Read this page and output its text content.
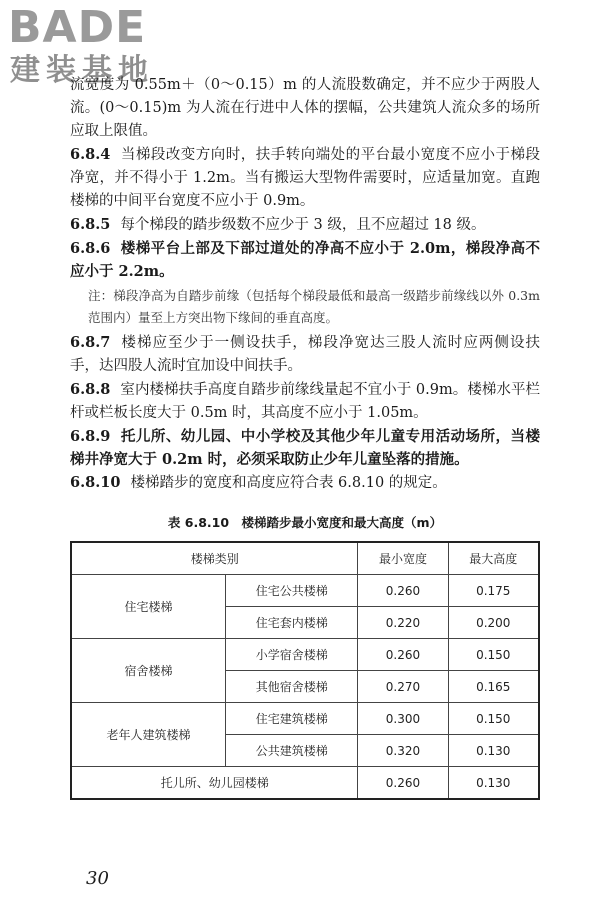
BADE
建装基地

流宽度为 0.55m＋（0～0.15）m 的人流股数确定，并不应少于两股人流。(0～0.15)m 为人流在行进中人体的摆幅，公共建筑人流众多的场所应取上限值。

6.8.4 当梯段改变方向时，扶手转向端处的平台最小宽度不应小于梯段净宽，并不得小于 1.2m。当有搬运大型物件需要时，应适量加宽。直跑楼梯的中间平台宽度不应小于 0.9m。

6.8.5 每个梯段的踏步级数不应少于 3 级，且不应超过 18 级。

6.8.6 楼梯平台上部及下部过道处的净高不应小于 2.0m，梯段净高不应小于 2.2m。

注：梯段净高为自踏步前缘（包括每个梯段最低和最高一级踏步前缘线以外 0.3m 范围内）量至上方突出物下缘间的垂直高度。

6.8.7 楼梯应至少于一侧设扶手，梯段净宽达三股人流时应两侧设扶手，达四股人流时宜加设中间扶手。

6.8.8 室内楼梯扶手高度自踏步前缘线量起不宜小于 0.9m。楼梯水平栏杆或栏板长度大于 0.5m 时，其高度不应小于 1.05m。

6.8.9 托儿所、幼儿园、中小学校及其他少年儿童专用活动场所，当楼梯井净宽大于 0.2m 时，必须采取防止少年儿童坠落的措施。

6.8.10 楼梯踏步的宽度和高度应符合表 6.8.10 的规定。

表 6.8.10　楼梯踏步最小宽度和最大高度（m）
楼梯类别		最小宽度	最大高度
住宅楼梯	住宅公共楼梯	0.260	0.175
	住宅套内楼梯	0.220	0.200
宿舍楼梯	小学宿舍楼梯	0.260	0.150
	其他宿舍楼梯	0.270	0.165
老年人建筑楼梯	住宅建筑楼梯	0.300	0.150
	公共建筑楼梯	0.320	0.130
托儿所、幼儿园楼梯		0.260	0.130
30
